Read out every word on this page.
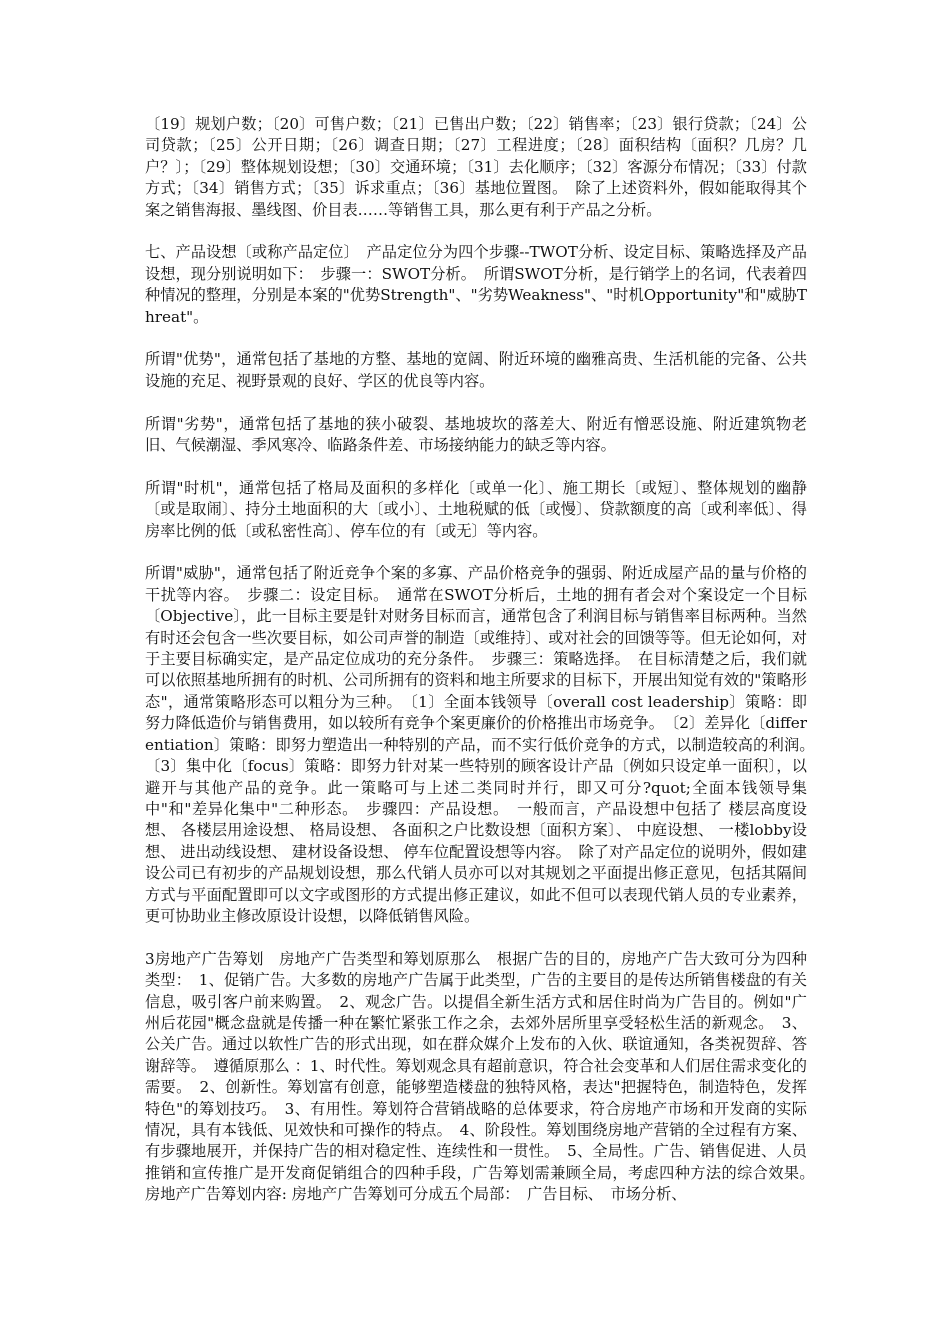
〔19〕规划户数；〔20〕可售户数；〔21〕已售出户数；〔22〕销售率；〔23〕银行贷款；〔24〕公司贷款；〔25〕公开日期；〔26〕调查日期；〔27〕工程进度；〔28〕面积结构〔面积？几房？几户？〕；〔29〕整体规划设想；〔30〕交通环境；〔31〕去化顺序；〔32〕客源分布情况；〔33〕付款方式；〔34〕销售方式；〔35〕诉求重点；〔36〕基地位置图。　除了上述资料外，假如能取得其个案之销售海报、墨线图、价目表……等销售工具，那么更有利于产品之分析。

七、产品设想〔或称产品定位〕　产品定位分为四个步骤--TWOT分析、设定目标、策略选择及产品设想，现分别说明如下：　步骤一：SWOT分析。　所谓SWOT分析，是行销学上的名词，代表着四种情况的整理，分别是本案的"优势Strength"、"劣势Weakness"、"时机Opportunity"和"威胁Threat"。

所谓"优势"，通常包括了基地的方整、基地的宽阔、附近环境的幽雅高贵、生活机能的完备、公共设施的充足、视野景观的良好、学区的优良等内容。

所谓"劣势"，通常包括了基地的狭小破裂、基地坡坎的落差大、附近有憎恶设施、附近建筑物老旧、气候潮湿、季风寒冷、临路条件差、市场接纳能力的缺乏等内容。

所谓"时机"，通常包括了格局及面积的多样化〔或单一化〕、施工期长〔或短〕、整体规划的幽静〔或是取闹〕、持分土地面积的大〔或小〕、土地税赋的低〔或慢〕、贷款额度的高〔或利率低〕、得房率比例的低〔或私密性高〕、停车位的有〔或无〕等内容。

所谓"威胁"，通常包括了附近竞争个案的多寡、产品价格竞争的强弱、附近成屋产品的量与价格的干扰等内容。　步骤二：设定目标。　通常在SWOT分析后，土地的拥有者会对个案设定一个目标〔Objective〕，此一目标主要是针对财务目标而言，通常包含了利润目标与销售率目标两种。当然有时还会包含一些次要目标，如公司声誉的制造〔或维持〕、或对社会的回馈等等。但无论如何，对于主要目标确实定，是产品定位成功的充分条件。　步骤三：策略选择。　在目标清楚之后，我们就可以依照基地所拥有的时机、公司所拥有的资料和地主所要求的目标下，开展出知觉有效的"策略形态"，通常策略形态可以粗分为三种。　〔1〕全面本钱领导〔overall cost leadership〕策略：即努力降低造价与销售费用，如以较所有竞争个案更廉价的价格推出市场竞争。　〔2〕差异化〔differentiation〕策略：即努力塑造出一种特别的产品，而不实行低价竞争的方式，以制造较高的利润。　〔3〕集中化〔focus〕策略：即努力针对某一些特别的顾客设计产品〔例如只设定单一面积〕，以避开与其他产品的竞争。此一策略可与上述二类同时并行，即又可分?quot;全面本钱领导集中"和"差异化集中"二种形态。　步骤四：产品设想。　一般而言，产品设想中包括了 楼层高度设想、 各楼层用途设想、 格局设想、 各面积之户比数设想〔面积方案〕、 中庭设想、 一楼lobby设想、 进出动线设想、 建材设备设想、 停车位配置设想等内容。　除了对产品定位的说明外，假如建设公司已有初步的产品规划设想，那么代销人员亦可以对其规划之平面提出修正意见，包括其隔间方式与平面配置即可以文字或图形的方式提出修正建议，如此不但可以表现代销人员的专业素养，更可协助业主修改原设计设想，以降低销售风险。

3房地产广告筹划　房地产广告类型和筹划原那么　根据广告的目的，房地产广告大致可分为四种类型：　1、促销广告。大多数的房地产广告属于此类型，广告的主要目的是传达所销售楼盘的有关信息，吸引客户前来购置。　2、观念广告。以提倡全新生活方式和居住时尚为广告目的。例如"广州后花园"概念盘就是传播一种在繁忙紧张工作之余，去郊外居所里享受轻松生活的新观念。　3、公关广告。通过以软性广告的形式出现，如在群众媒介上发布的入伙、联谊通知，各类祝贺辞、答谢辞等。　遵循原那么 ：1、时代性。筹划观念具有超前意识，符合社会变革和人们居住需求变化的需要。　2、创新性。筹划富有创意，能够塑造楼盘的独特风格，表达"把握特色，制造特色，发挥特色"的筹划技巧。　3、有用性。筹划符合营销战略的总体要求，符合房地产市场和开发商的实际情况，具有本钱低、见效快和可操作的特点。　4、阶段性。筹划围绕房地产营销的全过程有方案、有步骤地展开，并保持广告的相对稳定性、连续性和一贯性。　5、全局性。广告、销售促进、人员推销和宣传推广是开发商促销组合的四种手段，广告筹划需兼顾全局，考虑四种方法的综合效果。　房地产广告筹划内容: 房地产广告筹划可分成五个局部：　广告目标、　市场分析、
